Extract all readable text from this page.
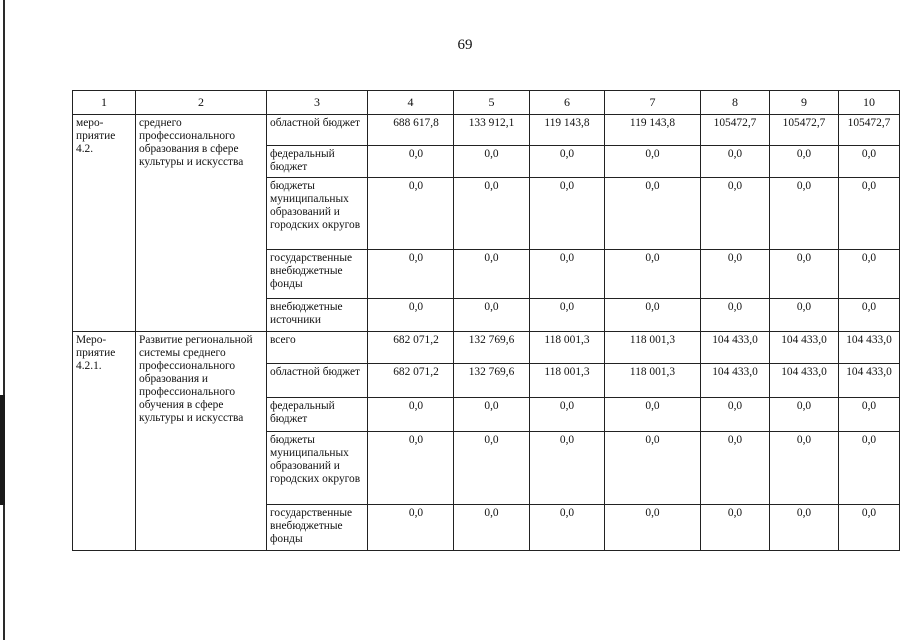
69
1	2	3	4	5	6	7	8	9	10
меро-приятие 4.2.	среднего профессионального образования в сфере культуры и искусства	областной бюджет	688 617,8	133 912,1	119 143,8	119 143,8	105472,7	105472,7	105472,7
		федеральный бюджет	0,0	0,0	0,0	0,0	0,0	0,0	0,0
		бюджеты муниципальных образований и городских округов	0,0	0,0	0,0	0,0	0,0	0,0	0,0
		государственные внебюджетные фонды	0,0	0,0	0,0	0,0	0,0	0,0	0,0
		внебюджетные источники	0,0	0,0	0,0	0,0	0,0	0,0	0,0
Меро-приятие 4.2.1.	Развитие региональной системы среднего профессионального образования и профессионального обучения в сфере культуры и искусства	всего	682 071,2	132 769,6	118 001,3	118 001,3	104 433,0	104 433,0	104 433,0
		областной бюджет	682 071,2	132 769,6	118 001,3	118 001,3	104 433,0	104 433,0	104 433,0
		федеральный бюджет	0,0	0,0	0,0	0,0	0,0	0,0	0,0
		бюджеты муниципальных образований и городских округов	0,0	0,0	0,0	0,0	0,0	0,0	0,0
		государственные внебюджетные фонды	0,0	0,0	0,0	0,0	0,0	0,0	0,0
